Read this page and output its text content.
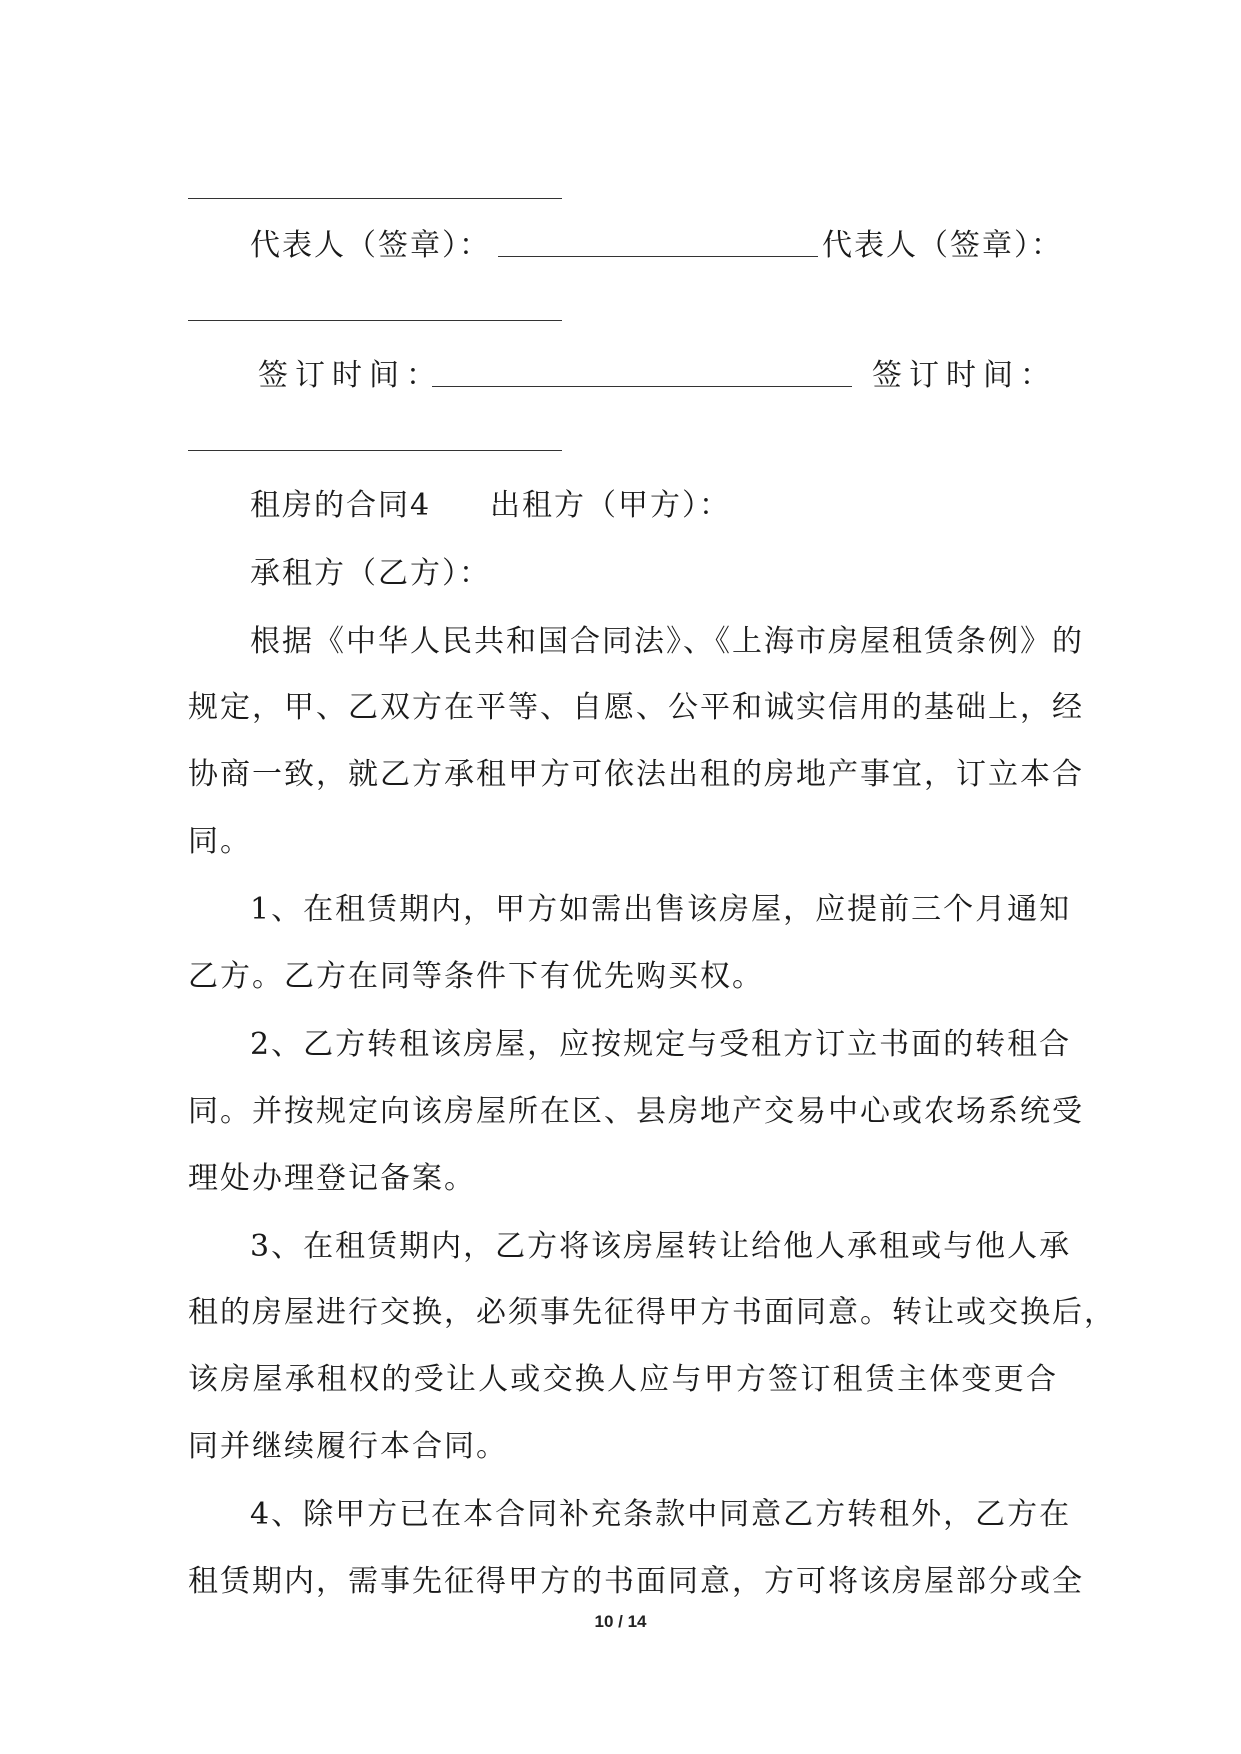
代表人（签章）：	代表人（签章）：
签订时间：	签订时间：
租房的合同4 出租方（甲方）：
承租方（乙方）：
根据《中华人民共和国合同法》、《上海市房屋租赁条例》的
规定，甲、乙双方在平等、自愿、公平和诚实信用的基础上，经
协商一致，就乙方承租甲方可依法出租的房地产事宜，订立本合
同。
1、在租赁期内，甲方如需出售该房屋，应提前三个月通知
乙方。乙方在同等条件下有优先购买权。
2、乙方转租该房屋，应按规定与受租方订立书面的转租合
同。并按规定向该房屋所在区、县房地产交易中心或农场系统受
理处办理登记备案。
3、在租赁期内，乙方将该房屋转让给他人承租或与他人承
租的房屋进行交换，必须事先征得甲方书面同意。转让或交换后，
该房屋承租权的受让人或交换人应与甲方签订租赁主体变更合
同并继续履行本合同。
4、除甲方已在本合同补充条款中同意乙方转租外，乙方在
租赁期内，需事先征得甲方的书面同意，方可将该房屋部分或全
10 / 14
